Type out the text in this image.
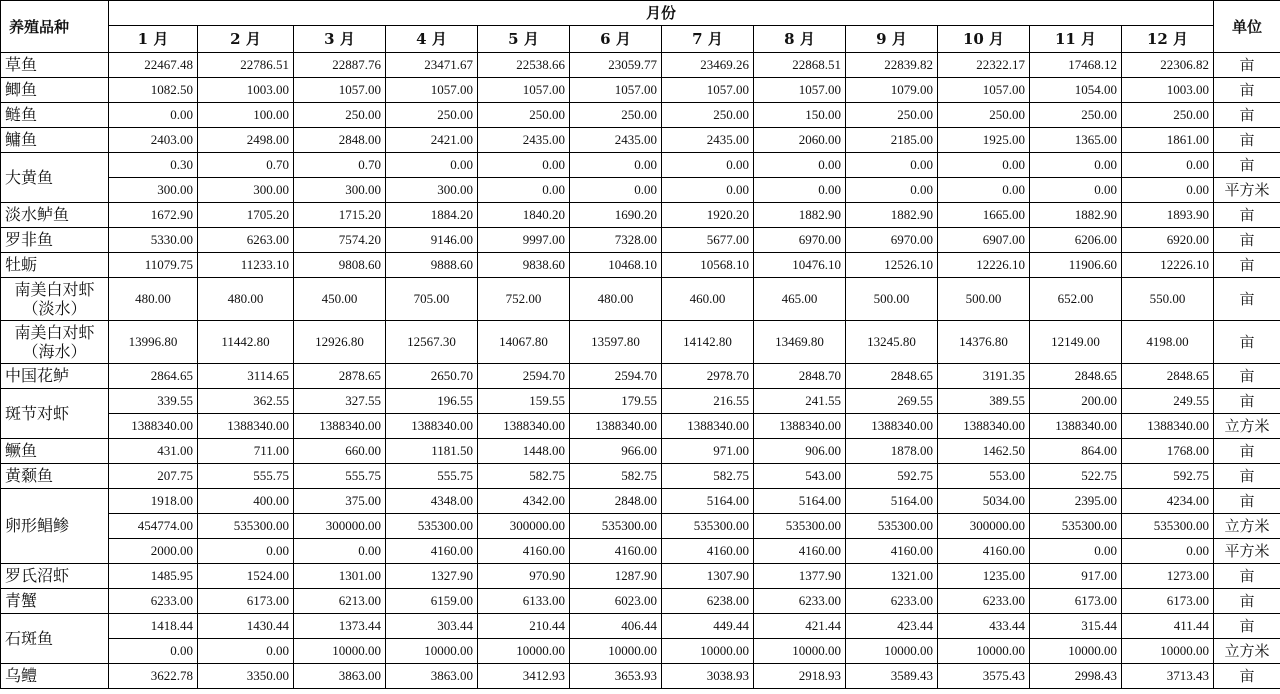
养殖品种	月份												单位
	1 月	2 月	3 月	4 月	5 月	6 月	7 月	8 月	9 月	10 月	11 月	12 月	
草鱼	22467.48	22786.51	22887.76	23471.67	22538.66	23059.77	23469.26	22868.51	22839.82	22322.17	17468.12	22306.82	亩
鲫鱼	1082.50	1003.00	1057.00	1057.00	1057.00	1057.00	1057.00	1057.00	1079.00	1057.00	1054.00	1003.00	亩
鲢鱼	0.00	100.00	250.00	250.00	250.00	250.00	250.00	150.00	250.00	250.00	250.00	250.00	亩
鳙鱼	2403.00	2498.00	2848.00	2421.00	2435.00	2435.00	2435.00	2060.00	2185.00	1925.00	1365.00	1861.00	亩
大黄鱼	0.30	0.70	0.70	0.00	0.00	0.00	0.00	0.00	0.00	0.00	0.00	0.00	亩
	300.00	300.00	300.00	300.00	0.00	0.00	0.00	0.00	0.00	0.00	0.00	0.00	平方米
淡水鲈鱼	1672.90	1705.20	1715.20	1884.20	1840.20	1690.20	1920.20	1882.90	1882.90	1665.00	1882.90	1893.90	亩
罗非鱼	5330.00	6263.00	7574.20	9146.00	9997.00	7328.00	5677.00	6970.00	6970.00	6907.00	6206.00	6920.00	亩
牡蛎	11079.75	11233.10	9808.60	9888.60	9838.60	10468.10	10568.10	10476.10	12526.10	12226.10	11906.60	12226.10	亩
南美白对虾（淡水）	480.00	480.00	450.00	705.00	752.00	480.00	460.00	465.00	500.00	500.00	652.00	550.00	亩
南美白对虾（海水）	13996.80	11442.80	12926.80	12567.30	14067.80	13597.80	14142.80	13469.80	13245.80	14376.80	12149.00	4198.00	亩
中国花鲈	2864.65	3114.65	2878.65	2650.70	2594.70	2594.70	2978.70	2848.70	2848.65	3191.35	2848.65	2848.65	亩
斑节对虾	339.55	362.55	327.55	196.55	159.55	179.55	216.55	241.55	269.55	389.55	200.00	249.55	亩
	1388340.00	1388340.00	1388340.00	1388340.00	1388340.00	1388340.00	1388340.00	1388340.00	1388340.00	1388340.00	1388340.00	1388340.00	立方米
鳜鱼	431.00	711.00	660.00	1181.50	1448.00	966.00	971.00	906.00	1878.00	1462.50	864.00	1768.00	亩
黄颡鱼	207.75	555.75	555.75	555.75	582.75	582.75	582.75	543.00	592.75	553.00	522.75	592.75	亩
卵形鲳鲹	1918.00	400.00	375.00	4348.00	4342.00	2848.00	5164.00	5164.00	5164.00	5034.00	2395.00	4234.00	亩
	454774.00	535300.00	300000.00	535300.00	300000.00	535300.00	535300.00	535300.00	535300.00	300000.00	535300.00	535300.00	立方米
	2000.00	0.00	0.00	4160.00	4160.00	4160.00	4160.00	4160.00	4160.00	4160.00	0.00	0.00	平方米
罗氏沼虾	1485.95	1524.00	1301.00	1327.90	970.90	1287.90	1307.90	1377.90	1321.00	1235.00	917.00	1273.00	亩
青蟹	6233.00	6173.00	6213.00	6159.00	6133.00	6023.00	6238.00	6233.00	6233.00	6233.00	6173.00	6173.00	亩
石斑鱼	1418.44	1430.44	1373.44	303.44	210.44	406.44	449.44	421.44	423.44	433.44	315.44	411.44	亩
	0.00	0.00	10000.00	10000.00	10000.00	10000.00	10000.00	10000.00	10000.00	10000.00	10000.00	10000.00	立方米
乌鳢	3622.78	3350.00	3863.00	3863.00	3412.93	3653.93	3038.93	2918.93	3589.43	3575.43	2998.43	3713.43	亩
